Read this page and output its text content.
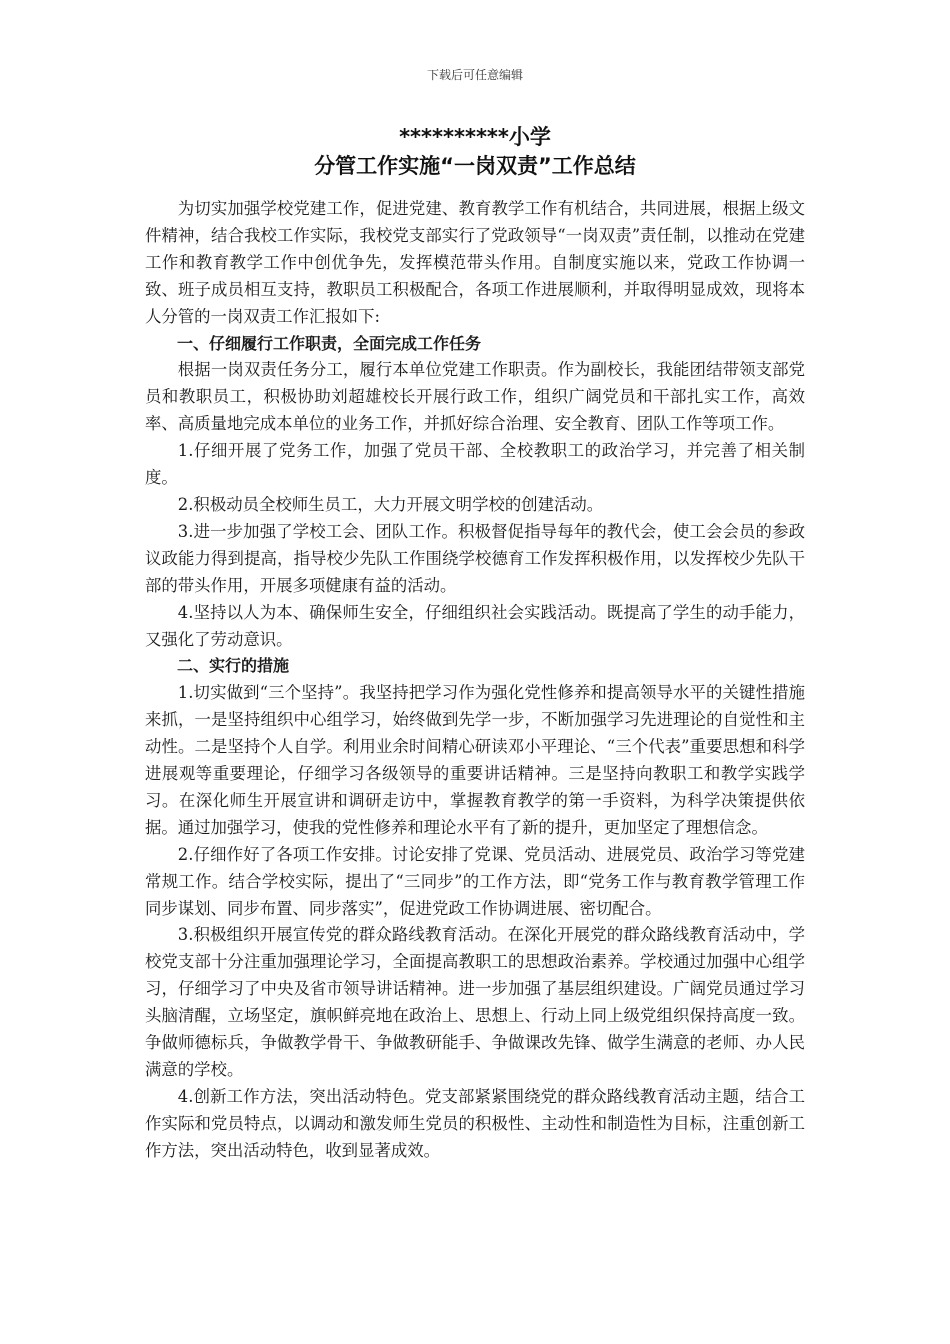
下载后可任意编辑
**********小学
分管工作实施“一岗双责”工作总结

为切实加强学校党建工作，促进党建、教育教学工作有机结合，共同进展，根据上级文件精神，结合我校工作实际，我校党支部实行了党政领导“一岗双责”责任制，以推动在党建工作和教育教学工作中创优争先，发挥模范带头作用。自制度实施以来，党政工作协调一致、班子成员相互支持，教职员工积极配合，各项工作进展顺利，并取得明显成效，现将本人分管的一岗双责工作汇报如下:

一、仔细履行工作职责，全面完成工作任务

根据一岗双责任务分工，履行本单位党建工作职责。作为副校长，我能团结带领支部党员和教职员工，积极协助刘超雄校长开展行政工作，组织广阔党员和干部扎实工作，高效率、高质量地完成本单位的业务工作，并抓好综合治理、安全教育、团队工作等项工作。

1.仔细开展了党务工作，加强了党员干部、全校教职工的政治学习，并完善了相关制度。

2.积极动员全校师生员工，大力开展文明学校的创建活动。

3.进一步加强了学校工会、团队工作。积极督促指导每年的教代会，使工会会员的参政议政能力得到提高，指导校少先队工作围绕学校德育工作发挥积极作用，以发挥校少先队干部的带头作用，开展多项健康有益的活动。

4.坚持以人为本、确保师生安全，仔细组织社会实践活动。既提高了学生的动手能力，又强化了劳动意识。

二、实行的措施

1.切实做到“三个坚持”。我坚持把学习作为强化党性修养和提高领导水平的关键性措施来抓，一是坚持组织中心组学习，始终做到先学一步，不断加强学习先进理论的自觉性和主动性。二是坚持个人自学。利用业余时间精心研读邓小平理论、“三个代表”重要思想和科学进展观等重要理论，仔细学习各级领导的重要讲话精神。三是坚持向教职工和教学实践学习。在深化师生开展宣讲和调研走访中，掌握教育教学的第一手资料，为科学决策提供依据。通过加强学习，使我的党性修养和理论水平有了新的提升，更加坚定了理想信念。

2.仔细作好了各项工作安排。讨论安排了党课、党员活动、进展党员、政治学习等党建常规工作。结合学校实际，提出了“三同步”的工作方法，即“党务工作与教育教学管理工作同步谋划、同步布置、同步落实”，促进党政工作协调进展、密切配合。

3.积极组织开展宣传党的群众路线教育活动。在深化开展党的群众路线教育活动中，学校党支部十分注重加强理论学习，全面提高教职工的思想政治素养。学校通过加强中心组学习，仔细学习了中央及省市领导讲话精神。进一步加强了基层组织建设。广阔党员通过学习头脑清醒，立场坚定，旗帜鲜亮地在政治上、思想上、行动上同上级党组织保持高度一致。争做师德标兵，争做教学骨干、争做教研能手、争做课改先锋、做学生满意的老师、办人民满意的学校。

4.创新工作方法，突出活动特色。党支部紧紧围绕党的群众路线教育活动主题，结合工作实际和党员特点，以调动和激发师生党员的积极性、主动性和制造性为目标，注重创新工作方法，突出活动特色，收到显著成效。
